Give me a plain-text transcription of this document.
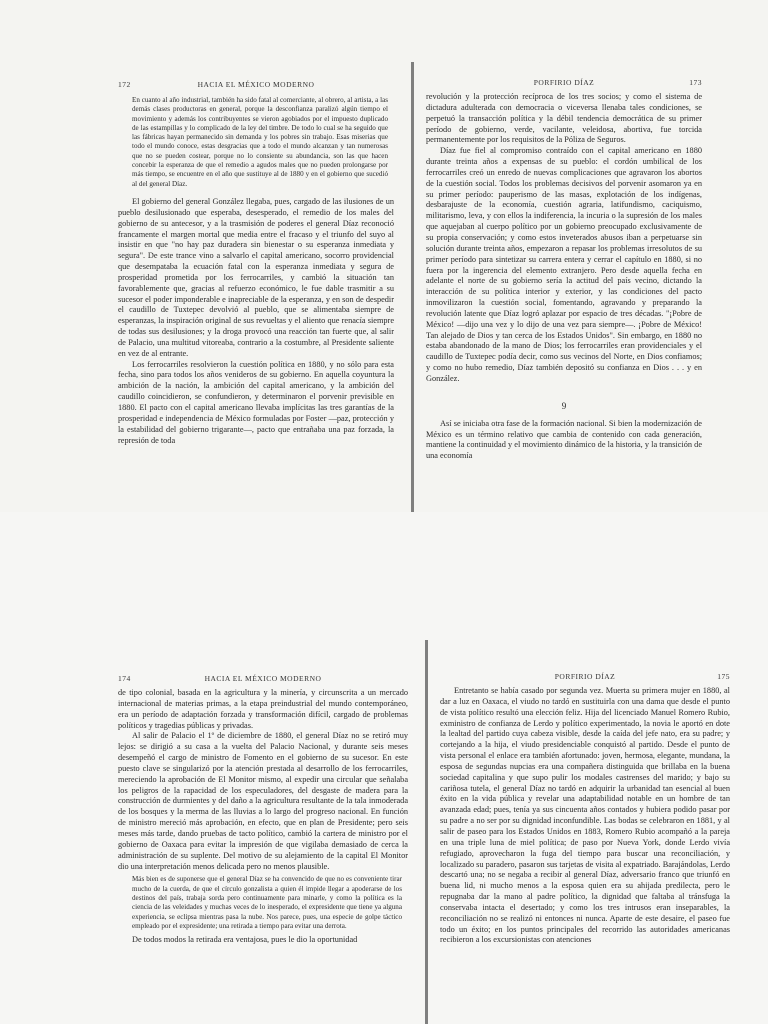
172	HACIA EL MÉXICO MODERNO

En cuanto al año industrial, también ha sido fatal al comerciante, al obrero, al artista, a las demás clases productoras en general, porque la desconfianza paralizó algún tiempo el movimiento y además los contribuyentes se vieron agobiados por el impuesto duplicado de las estampillas y lo complicado de la ley del timbre. De todo lo cual se ha seguido que las fábricas hayan permanecido sin demanda y los pobres sin trabajo. Esas miserias que todo el mundo conoce, estas desgracias que a todo el mundo alcanzan y tan numerosas que no se pueden costear, porque no lo consiente su abundancia, son las que hacen concebir la esperanza de que el remedio a agudos males que no pueden prolongarse por más tiempo, se encuentre en el año que sustituye al de 1880 y en el gobierno que sucedió al del general Díaz.

El gobierno del general González llegaba, pues, cargado de las ilusiones de un pueblo desilusionado que esperaba, desesperado, el remedio de los males del gobierno de su antecesor, y a la trasmisión de poderes el general Díaz reconoció francamente el margen mortal que media entre el fracaso y el triunfo del suyo al insistir en que "no hay paz duradera sin bienestar o su esperanza inmediata y segura". De este trance vino a salvarlo el capital americano, socorro providencial que desempataba la ecuación fatal con la esperanza inmediata y segura de prosperidad prometida por los ferrocarriles, y cambió la situación tan favorablemente que, gracias al refuerzo económico, le fue dable trasmitir a su sucesor el poder imponderable e inapreciable de la esperanza, y en son de despedir el caudillo de Tuxtepec devolvió al pueblo, que se alimentaba siempre de esperanzas, la inspiración original de sus revueltas y el aliento que renacía siempre de todas sus desilusiones; y la droga provocó una reacción tan fuerte que, al salir de Palacio, una multitud vitoreaba, contrario a la costumbre, al Presidente saliente en vez de al entrante.

Los ferrocarriles resolvieron la cuestión política en 1880, y no sólo para esta fecha, sino para todos los años venideros de su gobierno. En aquella coyuntura la ambición de la nación, la ambición del capital americano, y la ambición del caudillo coincidieron, se confundieron, y determinaron el porvenir previsible en 1880. El pacto con el capital americano llevaba implícitas las tres garantías de la prosperidad e independencia de México formuladas por Foster —paz, protección y la estabilidad del gobierno trigarante—, pacto que entrañaba una paz forzada, la represión de toda

PORFIRIO DÍAZ	173

revolución y la protección recíproca de los tres socios; y como el sistema de dictadura adulterada con democracia o viceversa llenaba tales condiciones, se perpetuó la transacción política y la débil tendencia democrática de su primer período de gobierno, verde, vacilante, veleidosa, abortiva, fue torcida permanentemente por los requisitos de la Póliza de Seguros.

Díaz fue fiel al compromiso contraído con el capital americano en 1880 durante treinta años a expensas de su pueblo: el cordón umbilical de los ferrocarriles creó un enredo de nuevas complicaciones que agravaron los abortos de la cuestión social. Todos los problemas decisivos del porvenir asomaron ya en su primer período: pauperismo de las masas, explotación de los indígenas, desbarajuste de la economía, cuestión agraria, latifundismo, caciquismo, militarismo, leva, y con ellos la indiferencia, la incuria o la supresión de los males que aquejaban al cuerpo político por un gobierno preocupado exclusivamente de su propia conservación; y como estos inveterados abusos iban a perpetuarse sin solución durante treinta años, empezaron a repasar los problemas irresolutos de su primer período para sintetizar su carrera entera y cerrar el capítulo en 1880, si no fuera por la ingerencia del elemento extranjero. Pero desde aquella fecha en adelante el norte de su gobierno sería la actitud del país vecino, dictando la interacción de su política interior y exterior, y las condiciones del pacto inmovilizaron la cuestión social, fomentando, agravando y preparando la revolución latente que Díaz logró aplazar por espacio de tres décadas. "¡Pobre de México! —dijo una vez y lo dijo de una vez para siempre—. ¡Pobre de México! Tan alejado de Dios y tan cerca de los Estados Unidos". Sin embargo, en 1880 no estaba abandonado de la mano de Dios; los ferrocarriles eran providenciales y el caudillo de Tuxtepec podía decir, como sus vecinos del Norte, en Dios confiamos; y como no hubo remedio, Díaz también depositó su confianza en Dios . . . y en González.

9

Así se iniciaba otra fase de la formación nacional. Si bien la modernización de México es un término relativo que cambia de contenido con cada generación, mantiene la continuidad y el movimiento dinámico de la historia, y la transición de una economía

174	HACIA EL MÉXICO MODERNO

de tipo colonial, basada en la agricultura y la minería, y circunscrita a un mercado internacional de materias primas, a la etapa preindustrial del mundo contemporáneo, era un período de adaptación forzada y transformación difícil, cargado de problemas políticos y tragedias públicas y privadas.

Al salir de Palacio el 1º de diciembre de 1880, el general Díaz no se retiró muy lejos: se dirigió a su casa a la vuelta del Palacio Nacional, y durante seis meses desempeñó el cargo de ministro de Fomento en el gobierno de su sucesor. En este puesto clave se singularizó por la atención prestada al desarrollo de los ferrocarriles, mereciendo la aprobación de El Monitor mismo, al expedir una circular que señalaba los peligros de la rapacidad de los especuladores, del desgaste de madera para la construcción de durmientes y del daño a la agricultura resultante de la tala inmoderada de los bosques y la merma de las lluvias a lo largo del progreso nacional. En función de ministro mereció más aprobación, en efecto, que en plan de Presidente; pero seis meses más tarde, dando pruebas de tacto político, cambió la cartera de ministro por el gobierno de Oaxaca para evitar la impresión de que vigilaba demasiado de cerca la administración de su suplente. Del motivo de su alejamiento de la capital El Monitor dio una interpretación menos delicada pero no menos plausible.

Más bien es de suponerse que el general Díaz se ha convencido de que no es conveniente tirar mucho de la cuerda, de que el círculo gonzalista a quien él impide llegar a apoderarse de los destinos del país, trabaja sorda pero continuamente para minarle, y como la política es la ciencia de las veleidades y muchas veces de lo inesperado, el expresidente que tiene ya alguna experiencia, se eclipsa mientras pasa la nube. Nos parece, pues, una especie de golpe táctico empleado por el expresidente; una retirada a tiempo para evitar una derrota.

De todos modos la retirada era ventajosa, pues le dio la oportunidad

PORFIRIO DÍAZ	175

Entretanto se había casado por segunda vez. Muerta su primera mujer en 1880, al dar a luz en Oaxaca, el viudo no tardó en sustituirla con una dama que desde el punto de vista político resultó una elección feliz. Hija del licenciado Manuel Romero Rubio, exministro de confianza de Lerdo y político experimentado, la novia le aportó en dote la lealtad del partido cuya cabeza visible, desde la caída del jefe nato, era su padre; y cortejando a la hija, el viudo presidenciable conquistó al partido. Desde el punto de vista personal el enlace era también afortunado: joven, hermosa, elegante, mundana, la esposa de segundas nupcias era una compañera distinguida que brillaba en la buena sociedad capitalina y que supo pulir los modales castrenses del marido; y bajo su cariñosa tutela, el general Díaz no tardó en adquirir la urbanidad tan esencial al buen éxito en la vida pública y revelar una adaptabilidad notable en un hombre de tan avanzada edad; pues, tenía ya sus cincuenta años contados y hubiera podido pasar por su padre a no ser por su dignidad inconfundible. Las bodas se celebraron en 1881, y al salir de paseo para los Estados Unidos en 1883, Romero Rubio acompañó a la pareja en una triple luna de miel política; de paso por Nueva York, donde Lerdo vivía refugiado, aprovecharon la fuga del tiempo para buscar una reconciliación, y localizado su paradero, pasaron sus tarjetas de visita al expatriado. Barajándolas, Lerdo descartó una; no se negaba a recibir al general Díaz, adversario franco que triunfó en buena lid, ni mucho menos a la esposa quien era su ahijada predilecta, pero le repugnaba dar la mano al padre político, la dignidad que faltaba al tránsfuga la conservaba intacta el desertado; y como los tres intrusos eran inseparables, la reconciliación no se realizó ni entonces ni nunca. Aparte de este desaire, el paseo fue todo un éxito; en los puntos principales del recorrido las autoridades americanas recibieron a los excursionistas con atenciones
